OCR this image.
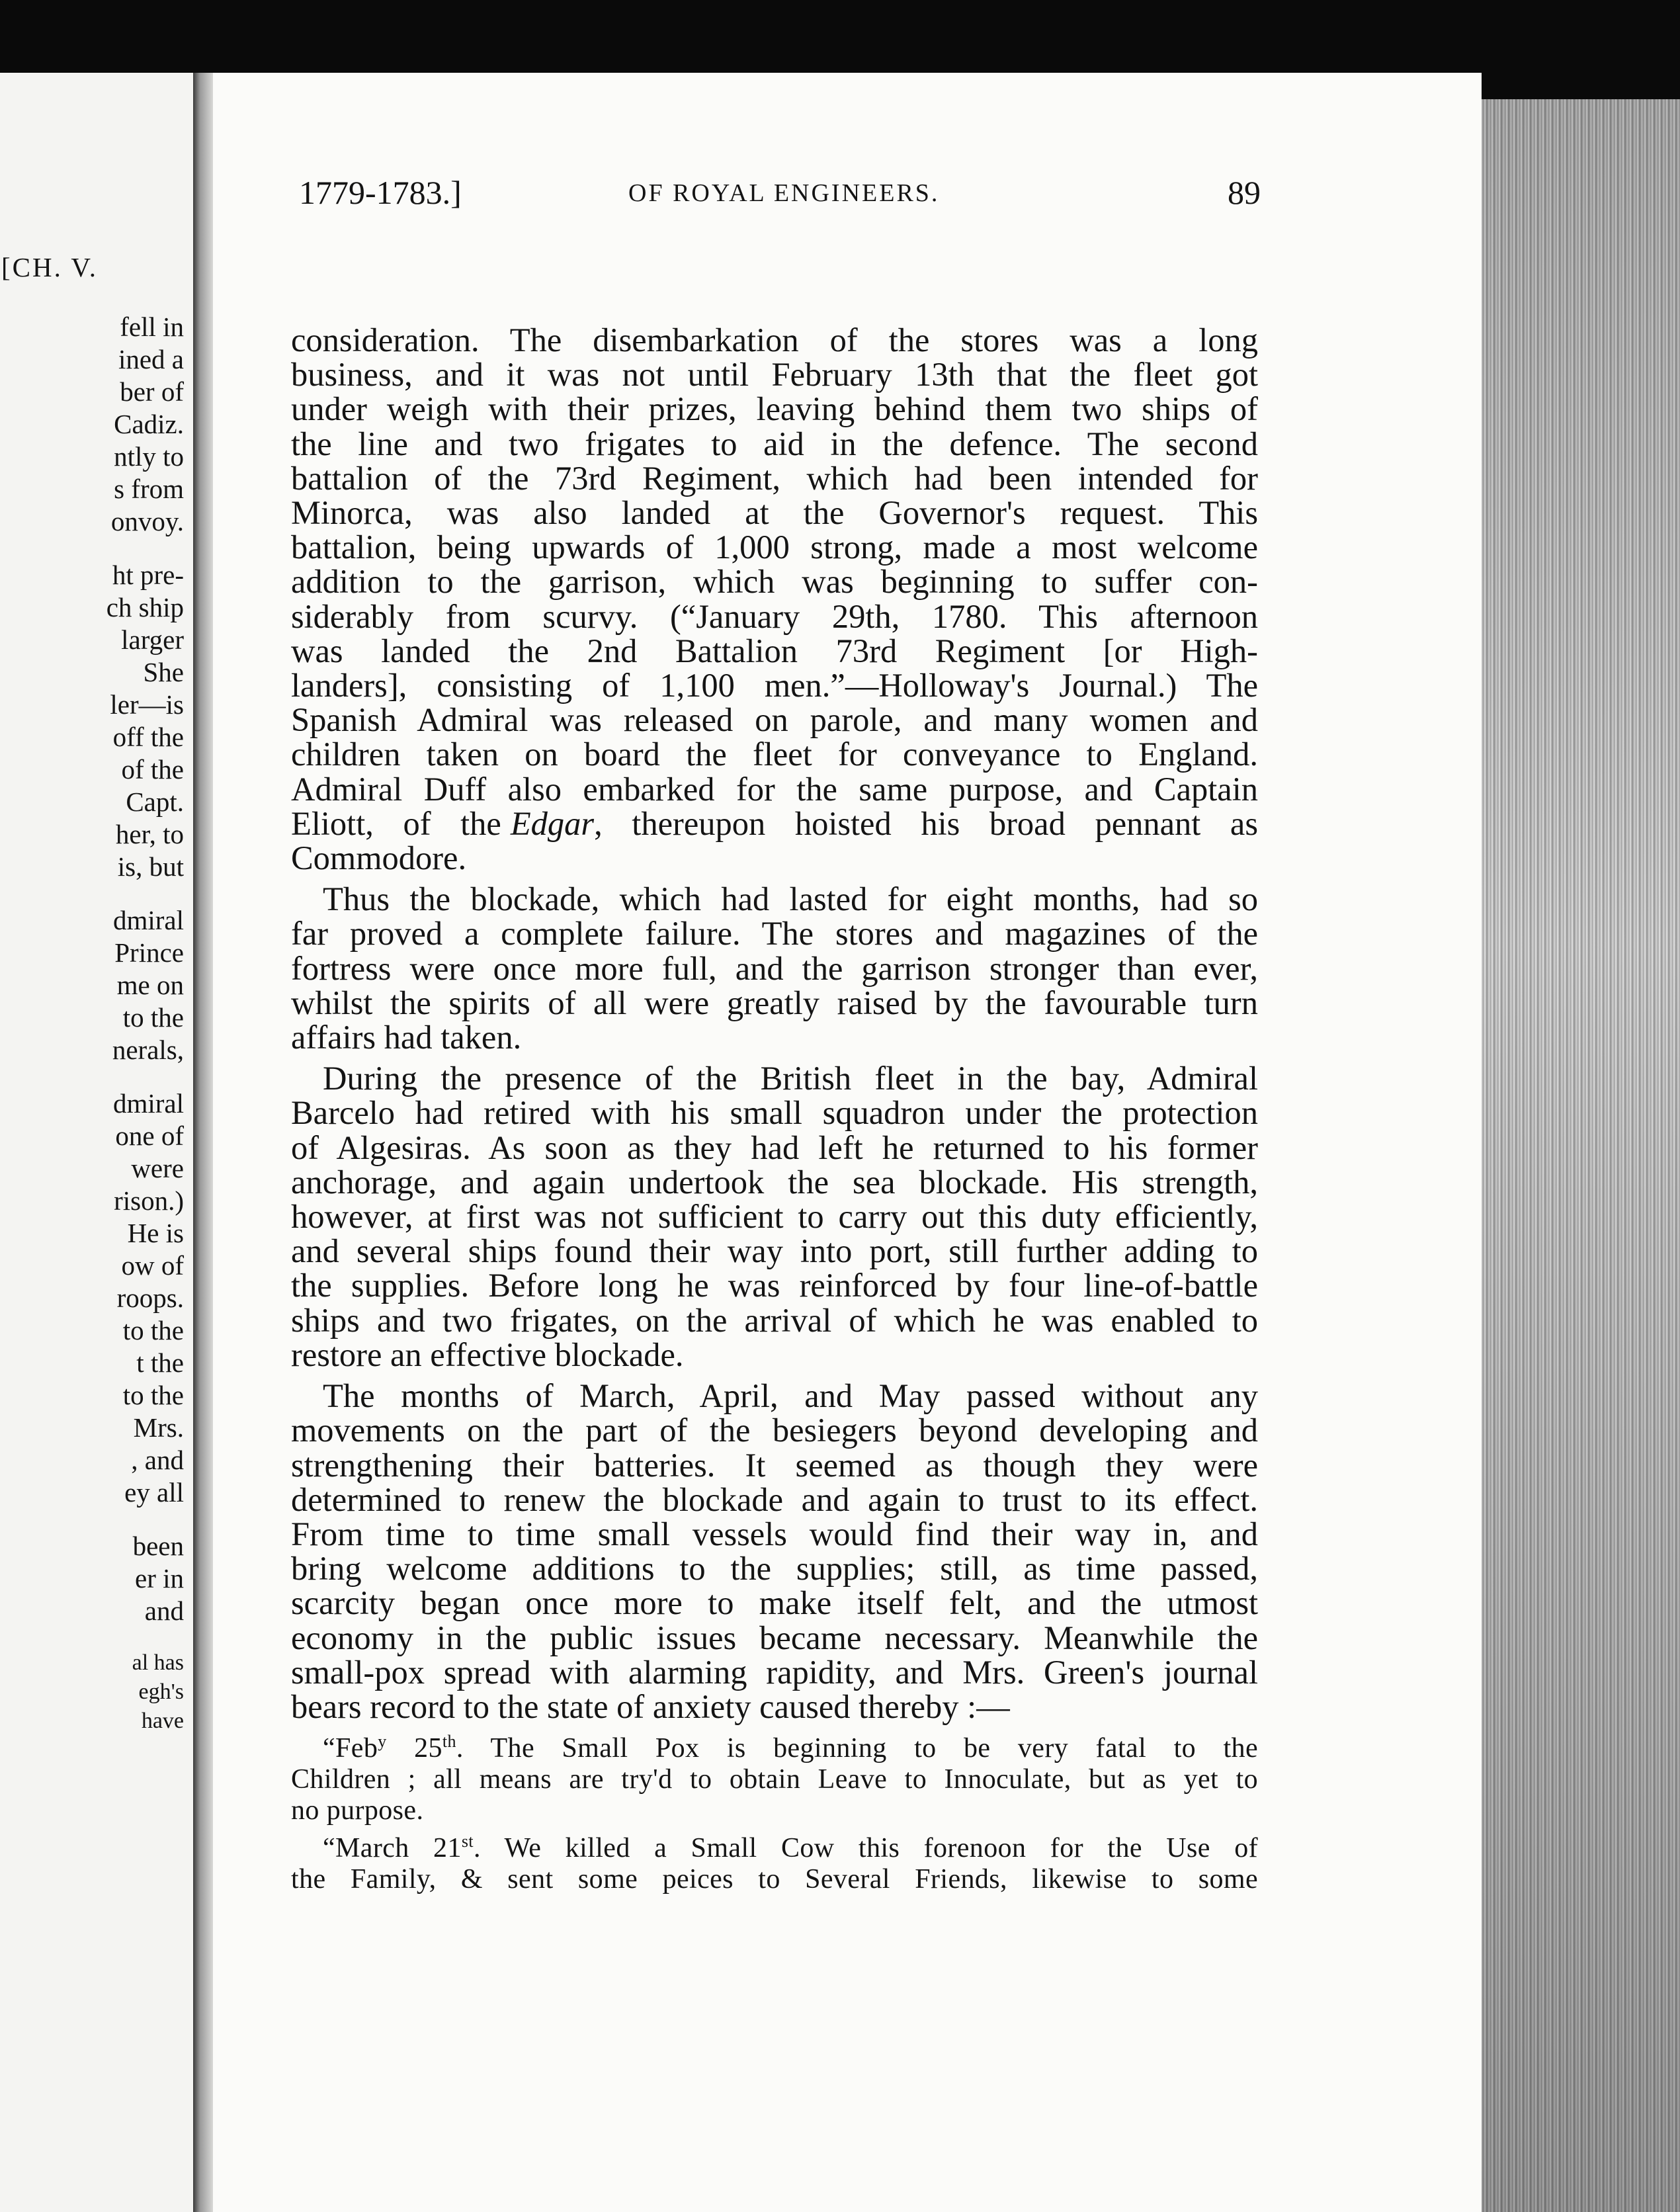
[CH. V.
fell in
ined a
ber of
Cadiz.
ntly to
s from
onvoy.
ht pre-
ch ship
larger
She
ler—is
off the
of the
Capt.
her, to
is, but
dmiral
Prince
me on
to the
nerals,
dmiral
one of
were
rison.)
He is
ow of
roops.
to the
t the
to the
Mrs.
, and
ey all
been
er in
and
al has
egh's
have
1779-1783.]	OF ROYAL ENGINEERS.	89

consideration. The disembarkation of the stores was a long

business, and it was not until February 13th that the fleet got

under weigh with their prizes, leaving behind them two ships of

the line and two frigates to aid in the defence. The second

battalion of the 73rd Regiment, which had been intended for

Minorca, was also landed at the Governor's request. This

battalion, being upwards of 1,000 strong, made a most welcome

addition to the garrison, which was beginning to suffer con-

siderably from scurvy. (“January 29th, 1780. This afternoon

was landed the 2nd Battalion 73rd Regiment [or High-

landers], consisting of 1,100 men.”—Holloway's Journal.) The

Spanish Admiral was released on parole, and many women and

children taken on board the fleet for conveyance to England.

Admiral Duff also embarked for the same purpose, and Captain

Eliott, of the Edgar, thereupon hoisted his broad pennant as

Commodore.

Thus the blockade, which had lasted for eight months, had so

far proved a complete failure. The stores and magazines of the

fortress were once more full, and the garrison stronger than ever,

whilst the spirits of all were greatly raised by the favourable turn

affairs had taken.

During the presence of the British fleet in the bay, Admiral

Barcelo had retired with his small squadron under the protection

of Algesiras. As soon as they had left he returned to his former

anchorage, and again undertook the sea blockade. His strength,

however, at first was not sufficient to carry out this duty efficiently,

and several ships found their way into port, still further adding to

the supplies. Before long he was reinforced by four line-of-battle

ships and two frigates, on the arrival of which he was enabled to

restore an effective blockade.

The months of March, April, and May passed without any

movements on the part of the besiegers beyond developing and

strengthening their batteries. It seemed as though they were

determined to renew the blockade and again to trust to its effect.

From time to time small vessels would find their way in, and

bring welcome additions to the supplies; still, as time passed,

scarcity began once more to make itself felt, and the utmost

economy in the public issues became necessary. Meanwhile the

small-pox spread with alarming rapidity, and Mrs. Green's journal

bears record to the state of anxiety caused thereby :—

“Feb$^y$ 25th. The Small Pox is beginning to be very fatal to the

Children ; all means are try'd to obtain Leave to Innoculate, but as yet to

no purpose.

“March 21st. We killed a Small Cow this forenoon for the Use of

the Family, & sent some peices to Several Friends, likewise to some
